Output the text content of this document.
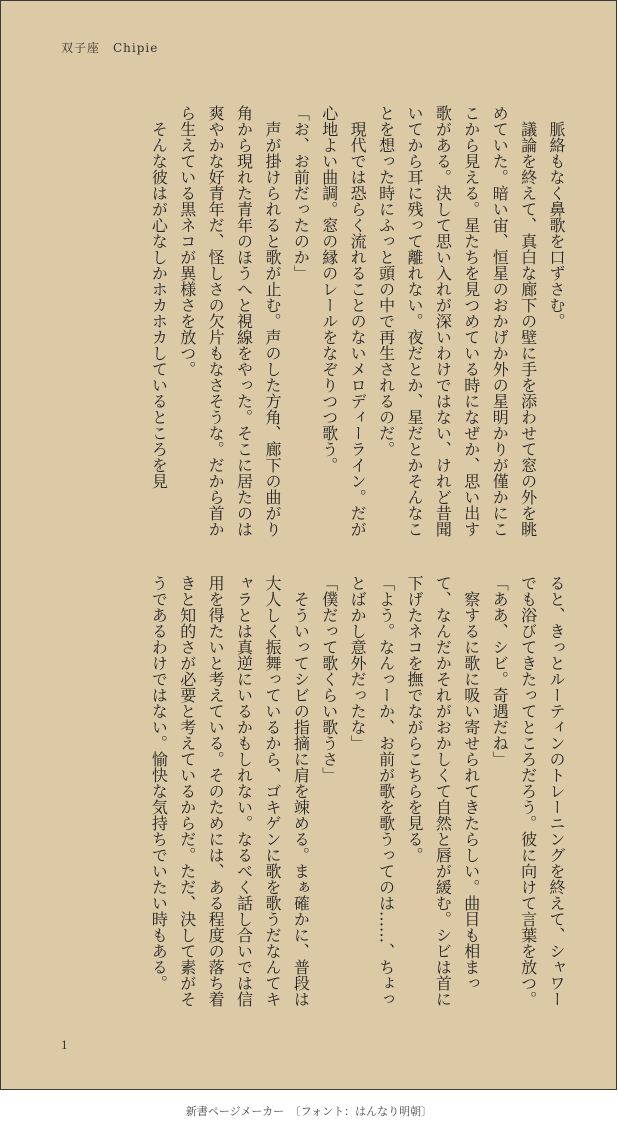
双子座　Chipie

　脈絡もなく鼻歌を口ずさむ。

　議論を終えて、真白な廊下の壁に手を添わせて窓の外を眺めていた。暗い宙、恒星のおかげか外の星明かりが僅かにここから見える。星たちを見つめている時になぜか、思い出す歌がある。決して思い入れが深いわけではない、けれど昔聞いてから耳に残って離れない。夜だとか、星だとかそんなことを想った時にふっと頭の中で再生されるのだ。

　現代では恐らく流れることのないメロディーライン。だが心地よい曲調。窓の縁のレールをなぞりつつ歌う。

「お、お前だったのか」

　声が掛けられると歌が止む。声のした方角、廊下の曲がり角から現れた青年のほうへと視線をやった。そこに居たのは爽やかな好青年だ、怪しさの欠片もなさそうな。だから首から生えている黒ネコが異様さを放つ。

　そんな彼はが心なしかホカホカしているところを見

ると、きっとルーティンのトレーニングを終えて、シャワーでも浴びてきたってところだろう。彼に向けて言葉を放つ。

「ああ、シビ。奇遇だね」

　察するに歌に吸い寄せられてきたらしい。曲目も相まって、なんだかそれがおかしくて自然と唇が緩む。シビは首に下げたネコを撫でながらこちらを見る。

「よう。なんっーか、お前が歌を歌うってのは……、ちょっとばかし意外だったな」

「僕だって歌くらい歌うさ」

　そういってシビの指摘に肩を竦める。まぁ確かに、普段は大人しく振舞っているから、ゴキゲンに歌を歌うだなんてキャラとは真逆にいるかもしれない。なるべく話し合いでは信用を得たいと考えている。そのためには、ある程度の落ち着きと知的さが必要と考えているからだ。ただ、決して素がそうであるわけではない。愉快な気持ちでいたい時もある。

1
新書ページメーカー　〔フォント：はんなり明朝〕
